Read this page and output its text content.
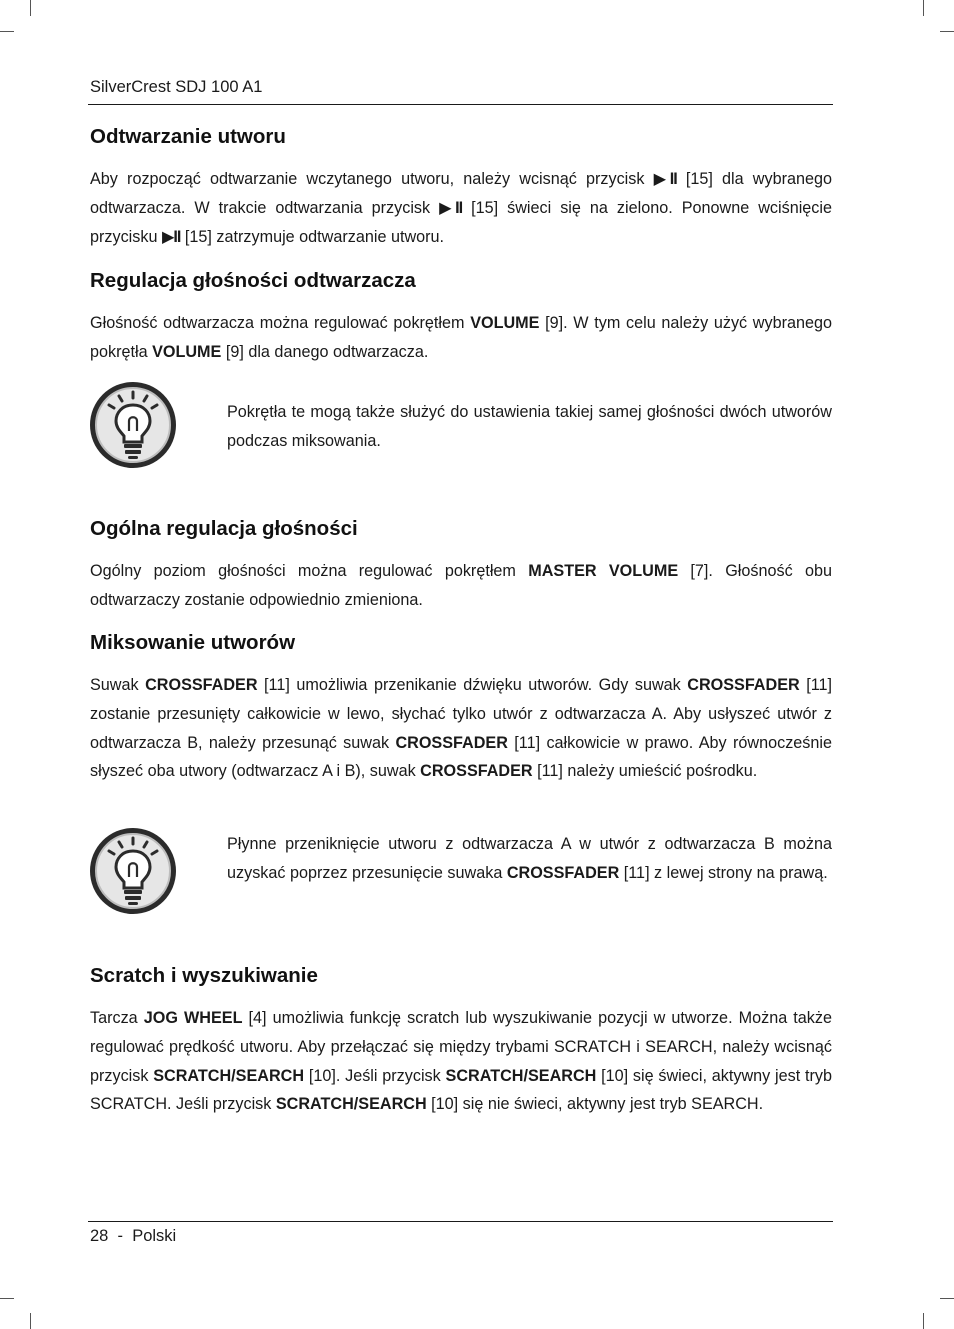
SilverCrest SDJ 100 A1
Odtwarzanie utworu

Aby rozpocząć odtwarzanie wczytanego utworu, należy wcisnąć przycisk ▶II [15] dla wybranego odtwarzacza. W trakcie odtwarzania przycisk ▶II [15] świeci się na zielono. Ponowne wciśnięcie przycisku ▶II [15] zatrzymuje odtwarzanie utworu.

Regulacja głośności odtwarzacza

Głośność odtwarzacza można regulować pokrętłem VOLUME [9]. W tym celu należy użyć wybranego pokrętła VOLUME [9] dla danego odtwarzacza.

Pokrętła te mogą także służyć do ustawienia takiej samej głośności dwóch utworów podczas miksowania.

Ogólna regulacja głośności

Ogólny poziom głośności można regulować pokrętłem MASTER VOLUME [7]. Głośność obu odtwarzaczy zostanie odpowiednio zmieniona.

Miksowanie utworów

Suwak CROSSFADER [11] umożliwia przenikanie dźwięku utworów. Gdy suwak CROSSFADER [11] zostanie przesunięty całkowicie w lewo, słychać tylko utwór z odtwarzacza A. Aby usłyszeć utwór z odtwarzacza B, należy przesunąć suwak CROSSFADER [11] całkowicie w prawo. Aby równocześnie słyszeć oba utwory (odtwarzacz A i B), suwak CROSSFADER [11] należy umieścić pośrodku.

Płynne przeniknięcie utworu z odtwarzacza A w utwór z odtwarzacza B można uzyskać poprzez przesunięcie suwaka CROSSFADER [11] z lewej strony na prawą.

Scratch i wyszukiwanie

Tarcza JOG WHEEL [4] umożliwia funkcję scratch lub wyszukiwanie pozycji w utworze. Można także regulować prędkość utworu. Aby przełączać się między trybami SCRATCH i SEARCH, należy wcisnąć przycisk SCRATCH/SEARCH [10]. Jeśli przycisk SCRATCH/SEARCH [10] się świeci, aktywny jest tryb SCRATCH. Jeśli przycisk SCRATCH/SEARCH [10] się nie świeci, aktywny jest tryb SEARCH.

28 - Polski
